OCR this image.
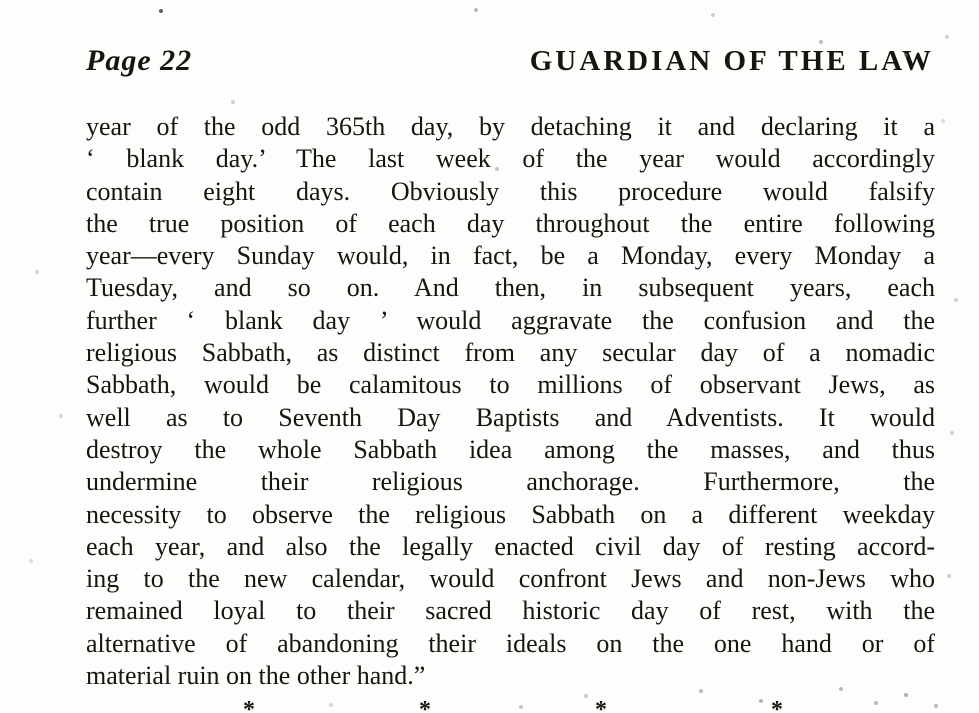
Page 22	GUARDIAN OF THE LAW
year of the odd 365th day, by detaching it and declaring it a
‘ blank day.’ The last week of the year would accordingly
contain eight days. Obviously this procedure would falsify
the true position of each day throughout the entire following
year—every Sunday would, in fact, be a Monday, every Monday a
Tuesday, and so on. And then, in subsequent years, each
further ‘ blank day ’ would aggravate the confusion and the
religious Sabbath, as distinct from any secular day of a nomadic
Sabbath, would be calamitous to millions of observant Jews, as
well as to Seventh Day Baptists and Adventists. It would
destroy the whole Sabbath idea among the masses, and thus
undermine their religious anchorage. Furthermore, the
necessity to observe the religious Sabbath on a different weekday
each year, and also the legally enacted civil day of resting accord-
ing to the new calendar, would confront Jews and non-Jews who
remained loyal to their sacred historic day of rest, with the
alternative of abandoning their ideals on the one hand or of
material ruin on the other hand.”
*	*	*	*
